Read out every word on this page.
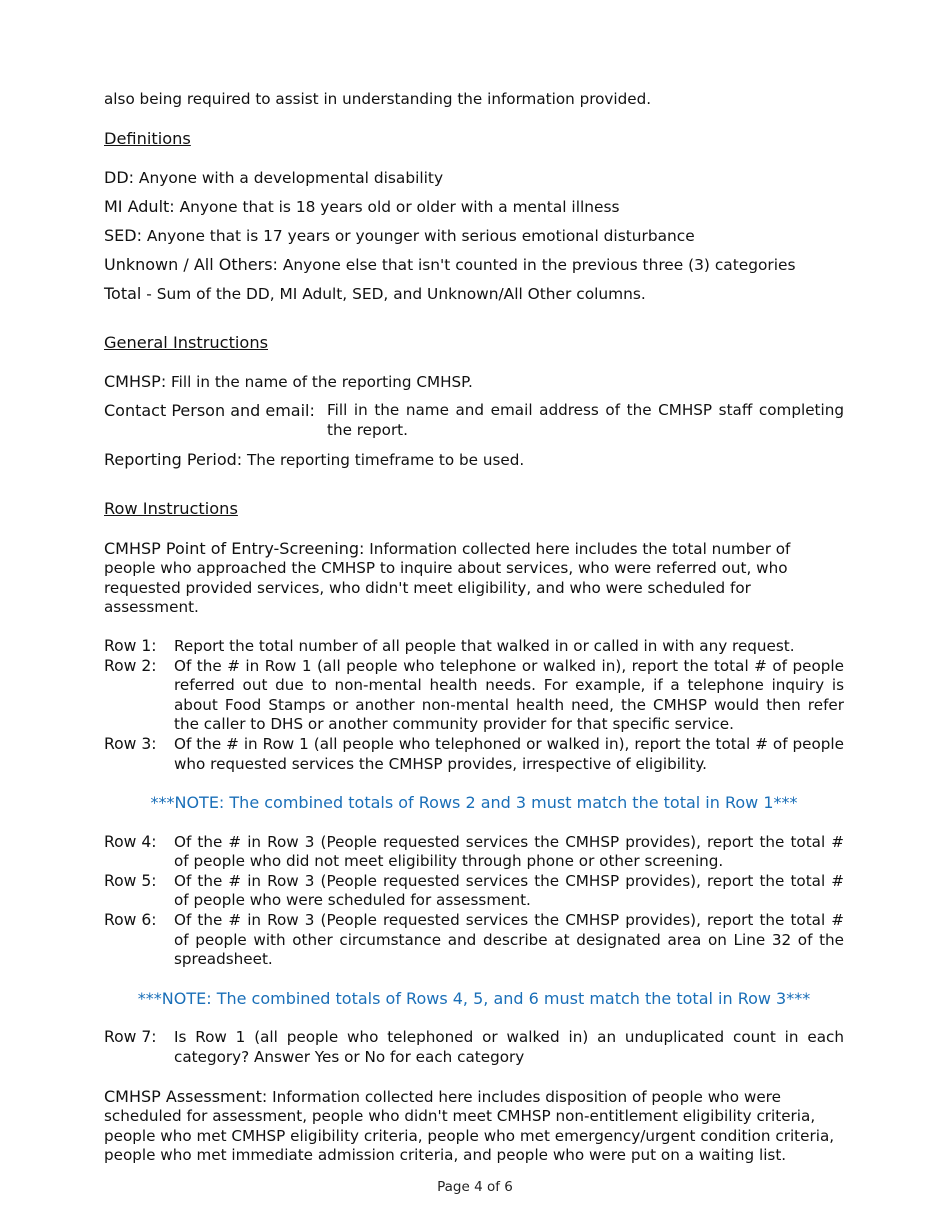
also being required to assist in understanding the information provided.

Definitions

DD: Anyone with a developmental disability

MI Adult: Anyone that is 18 years old or older with a mental illness

SED: Anyone that is 17 years or younger with serious emotional disturbance

Unknown / All Others: Anyone else that isn't counted in the previous three (3) categories

Total - Sum of the DD, MI Adult, SED, and Unknown/All Other columns.

General Instructions

CMHSP: Fill in the name of the reporting CMHSP.

Contact Person and email: Fill in the name and email address of the CMHSP staff completing the report.

Reporting Period: The reporting timeframe to be used.

Row Instructions

CMHSP Point of Entry-Screening: Information collected here includes the total number of people who approached the CMHSP to inquire about services, who were referred out, who requested provided services, who didn't meet eligibility, and who were scheduled for assessment.

Row 1:	Report the total number of all people that walked in or called in with any request.
Row 2:	Of the # in Row 1 (all people who telephone or walked in), report the total # of people referred out due to non-mental health needs. For example, if a telephone inquiry is about Food Stamps or another non-mental health need, the CMHSP would then refer the caller to DHS or another community provider for that specific service.
Row 3:	Of the # in Row 1 (all people who telephoned or walked in), report the total # of people who requested services the CMHSP provides, irrespective of eligibility.

***NOTE: The combined totals of Rows 2 and 3 must match the total in Row 1***

Row 4:	Of the # in Row 3 (People requested services the CMHSP provides), report the total # of people who did not meet eligibility through phone or other screening.
Row 5:	Of the # in Row 3 (People requested services the CMHSP provides), report the total # of people who were scheduled for assessment.
Row 6:	Of the # in Row 3 (People requested services the CMHSP provides), report the total # of people with other circumstance and describe at designated area on Line 32 of the spreadsheet.

***NOTE: The combined totals of Rows 4, 5, and 6 must match the total in Row 3***

Row 7:	Is Row 1 (all people who telephoned or walked in) an unduplicated count in each category? Answer Yes or No for each category

CMHSP Assessment: Information collected here includes disposition of people who were scheduled for assessment, people who didn't meet CMHSP non-entitlement eligibility criteria, people who met CMHSP eligibility criteria, people who met emergency/urgent condition criteria, people who met immediate admission criteria, and people who were put on a waiting list.

Page 4 of 6
